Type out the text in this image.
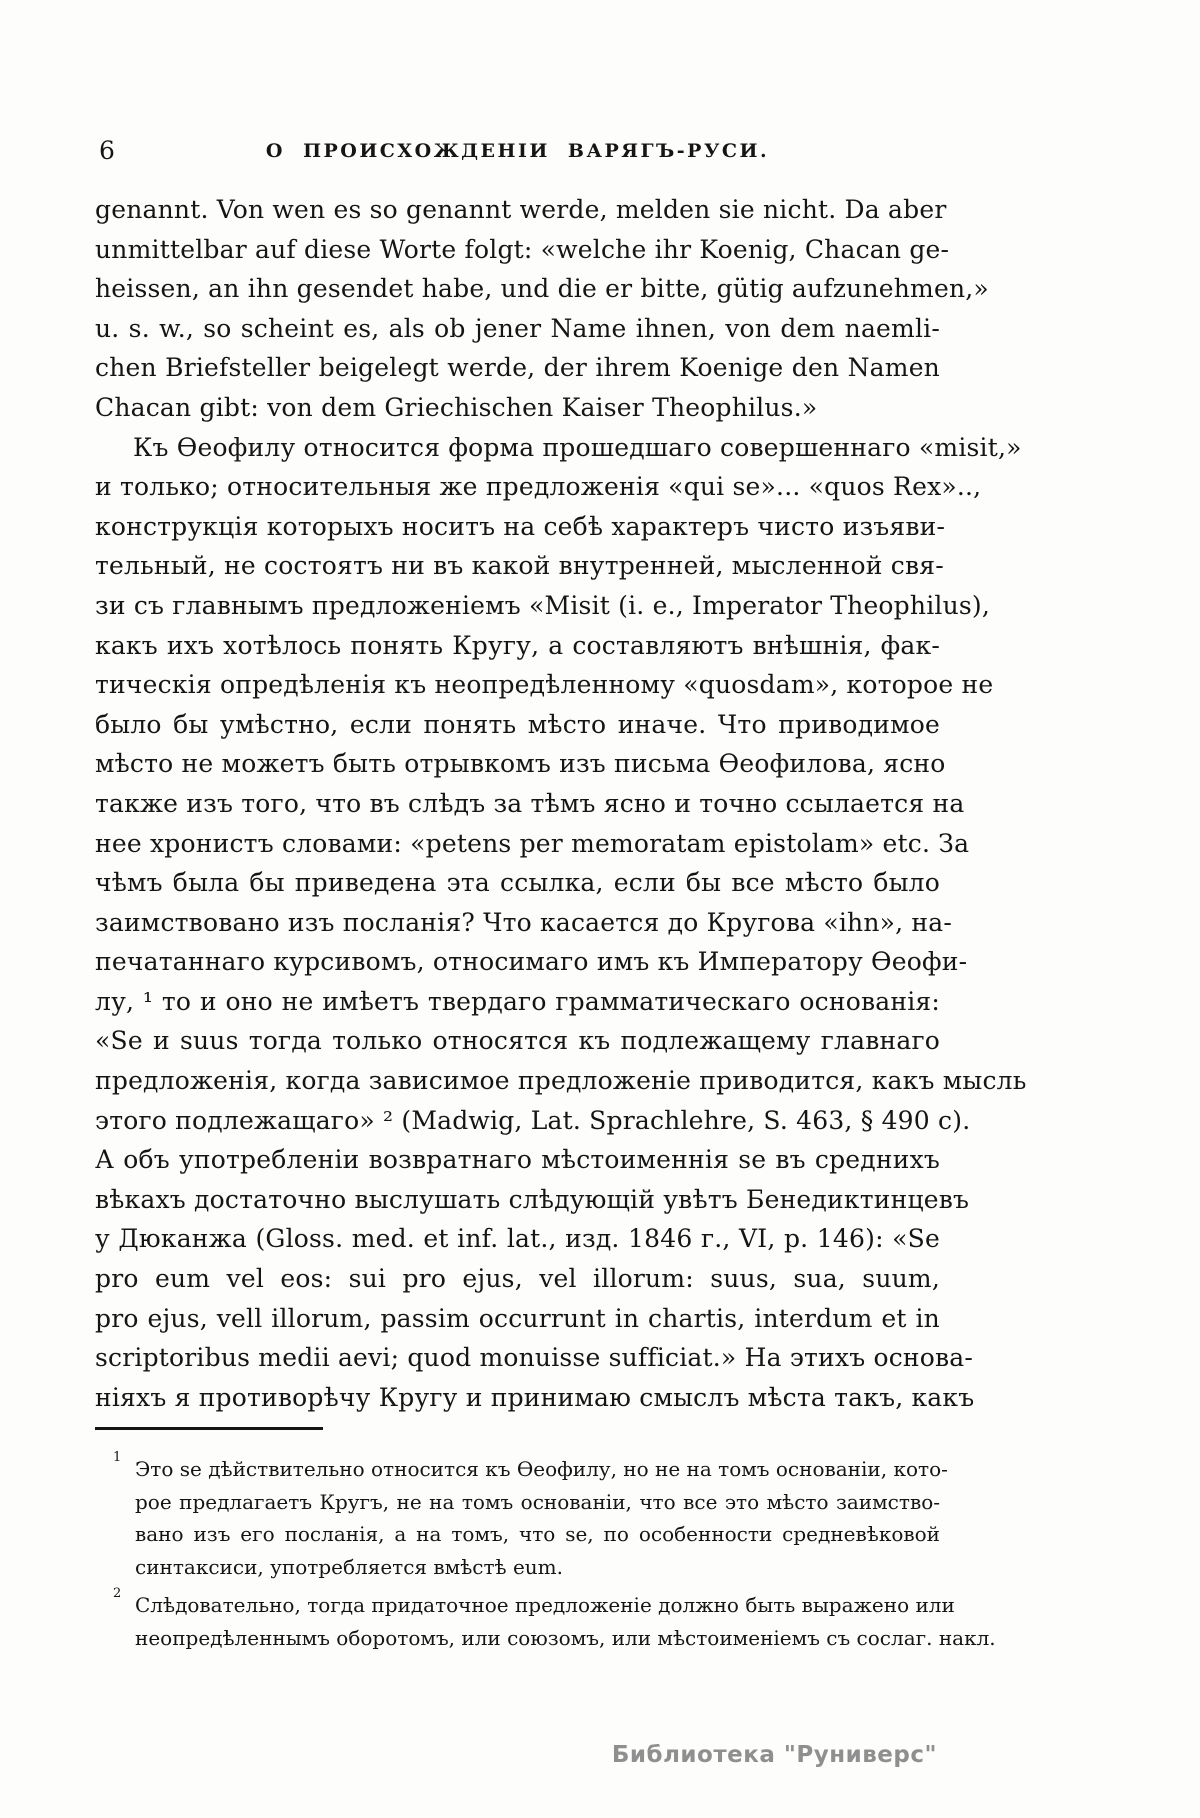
6	О ПРОИСХОЖДЕНІИ ВАРЯГЪ-РУСИ.
genannt. Von wen es so genannt werde, melden sie nicht. Da aber
unmittelbar auf diese Worte folgt: «welche ihr Koenig, Chacan ge-
heissen, an ihn gesendet habe, und die er bitte, gütig aufzunehmen,»
u. s. w., so scheint es, als ob jener Name ihnen, von dem naemli-
chen Briefsteller beigelegt werde, der ihrem Koenige den Namen
Chacan gibt: von dem Griechischen Kaiser Theophilus.»
Къ Ѳеофилу относится форма прошедшаго совершеннаго «misit,»
и только; относительныя же предложенія «qui se»... «quos Rex»..,
конструкція которыхъ носитъ на себѣ характеръ чисто изъяви-
тельный, не состоятъ ни въ какой внутренней, мысленной свя-
зи съ главнымъ предложеніемъ «Misit (i. e., Imperator Theophilus),
какъ ихъ хотѣлось понять Кругу, а составляютъ внѣшнія, фак-
тическія опредѣленія къ неопредѣленному «quosdam», которое не
было бы умѣстно, если понять мѣсто иначе. Что приводимое
мѣсто не можетъ быть отрывкомъ изъ письма Ѳеофилова, ясно
также изъ того, что въ слѣдъ за тѣмъ ясно и точно ссылается на
нее хронистъ словами: «petens per memoratam epistolam» etc. За
чѣмъ была бы приведена эта ссылка, если бы все мѣсто было
заимствовано изъ посланія? Что касается до Кругова «ihn», на-
печатаннаго курсивомъ, относимаго имъ къ Императору Ѳеофи-
лу, ¹ то и оно не имѣетъ твердаго грамматическаго основанія:
«Se и suus тогда только относятся къ подлежащему главнаго
предложенія, когда зависимое предложеніе приводится, какъ мысль
этого подлежащаго» ² (Madwig, Lat. Sprachlehre, S. 463, § 490 c).
А объ употребленіи возвратнаго мѣстоименнія se въ среднихъ
вѣкахъ достаточно выслушать слѣдующій увѣтъ Бенедиктинцевъ
у Дюканжа (Gloss. med. et inf. lat., изд. 1846 г., VI, p. 146): «Se
pro eum vel eos: sui pro ejus, vel illorum: suus, sua, suum,
pro ejus, vell illorum, passim occurrunt in chartis, interdum et in
scriptoribus medii aevi; quod monuisse sufficiat.» На этихъ основа-
ніяхъ я противорѣчу Кругу и принимаю смыслъ мѣста такъ, какъ
1 Это se дѣйствительно относится къ Ѳеофилу, но не на томъ основаніи, кото-
рое предлагаетъ Кругъ, не на томъ основаніи, что все это мѣсто заимство-
вано изъ его посланія, а на томъ, что se, по особенности средневѣковой
синтаксиси, употребляется вмѣстѣ eum.
2 Слѣдовательно, тогда придаточное предложеніе должно быть выражено или
неопредѣленнымъ оборотомъ, или союзомъ, или мѣстоименіемъ съ сослаг. накл.
Библиотека "Руниверс"
